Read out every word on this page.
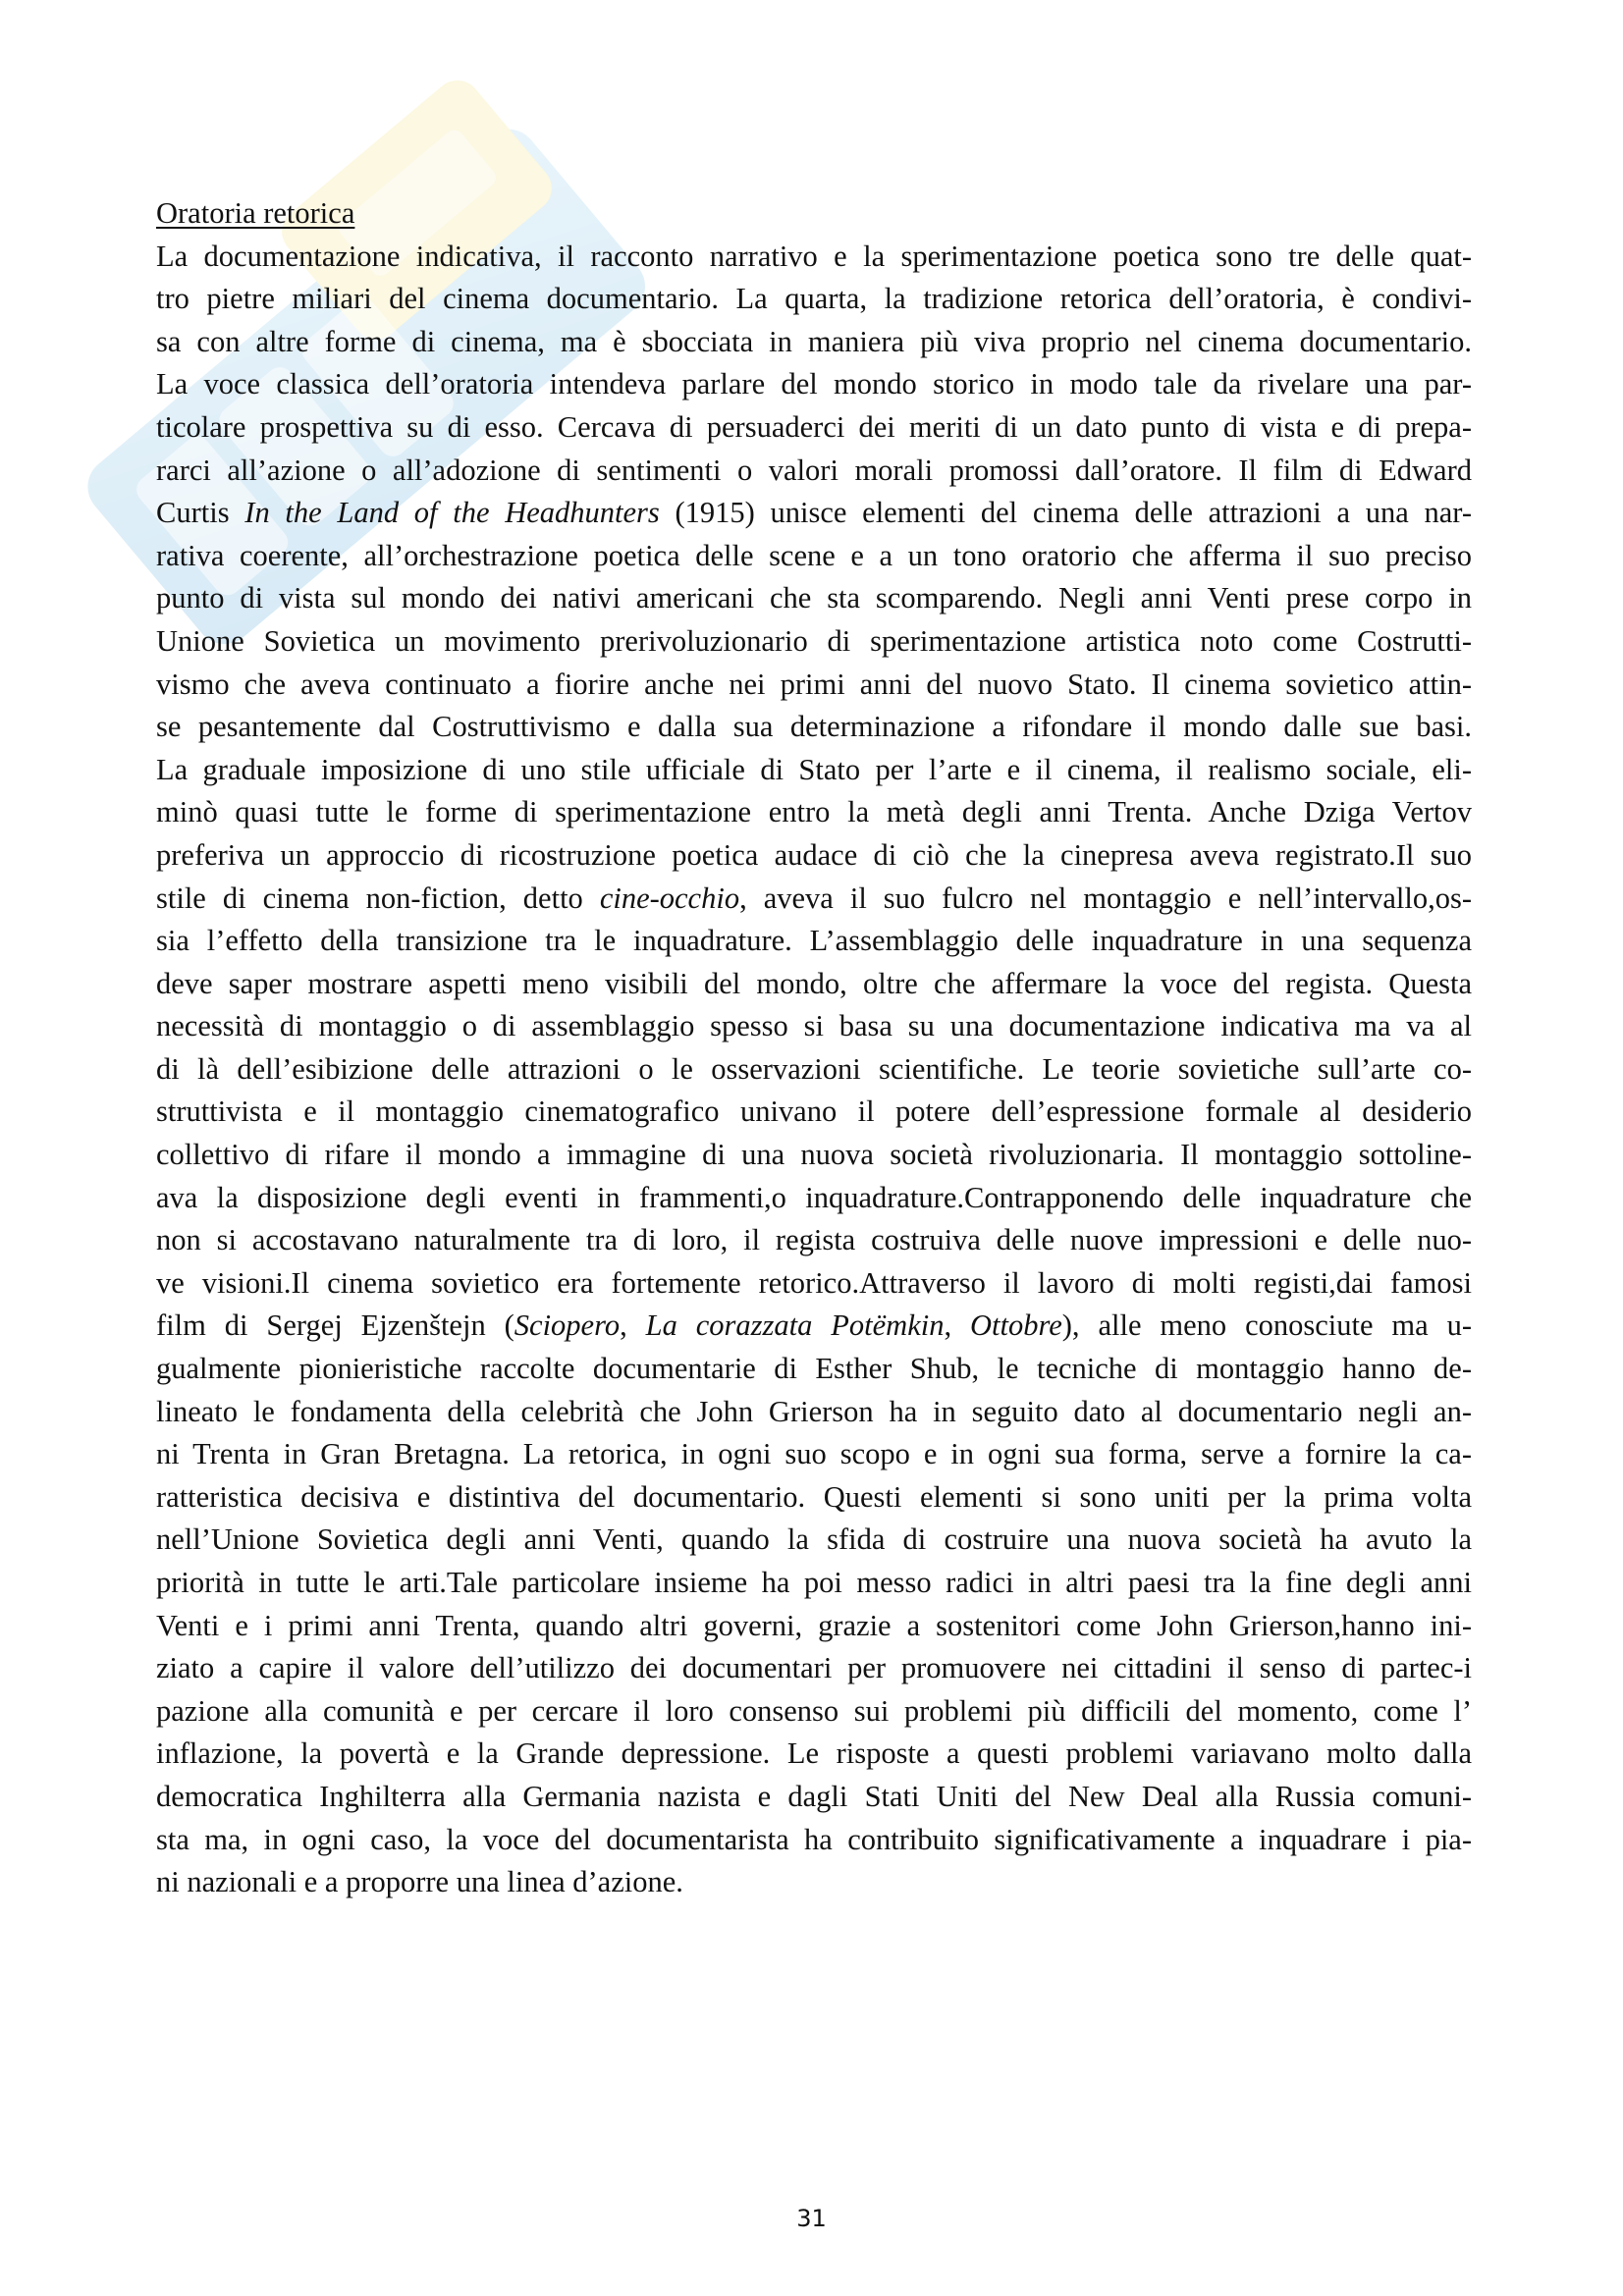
Oratoria retorica
La documentazione indicativa, il racconto narrativo e la sperimentazione poetica sono tre delle quat-
tro pietre miliari del cinema documentario. La quarta, la tradizione retorica dell’oratoria, è condivi-
sa con altre forme di cinema, ma è sbocciata in maniera più viva proprio nel cinema documentario.
La voce classica dell’oratoria intendeva parlare del mondo storico in modo tale da rivelare una par-
ticolare prospettiva su di esso. Cercava di persuaderci dei meriti di un dato punto di vista e di prepa-
rarci all’azione o all’adozione di sentimenti o valori morali promossi dall’oratore. Il film di Edward
Curtis In the Land of the Headhunters (1915) unisce elementi del cinema delle attrazioni a una nar-
rativa coerente, all’orchestrazione poetica delle scene e a un tono oratorio che afferma il suo preciso
punto di vista sul mondo dei nativi americani che sta scomparendo. Negli anni Venti prese corpo in
Unione Sovietica un movimento prerivoluzionario di sperimentazione artistica noto come Costrutti-
vismo che aveva continuato a fiorire anche nei primi anni del nuovo Stato. Il cinema sovietico attin-
se pesantemente dal Costruttivismo e dalla sua determinazione a rifondare il mondo dalle sue basi.
La graduale imposizione di uno stile ufficiale di Stato per l’arte e il cinema, il realismo sociale, eli-
minò quasi tutte le forme di sperimentazione entro la metà degli anni Trenta. Anche Dziga Vertov
preferiva un approccio di ricostruzione poetica audace di ciò che la cinepresa aveva registrato.Il suo
stile di cinema non-fiction, detto cine-occhio, aveva il suo fulcro nel montaggio e nell’intervallo,os-
sia l’effetto della transizione tra le inquadrature. L’assemblaggio delle inquadrature in una sequenza
deve saper mostrare aspetti meno visibili del mondo, oltre che affermare la voce del regista. Questa
necessità di montaggio o di assemblaggio spesso si basa su una documentazione indicativa ma va al
di là dell’esibizione delle attrazioni o le osservazioni scientifiche. Le teorie sovietiche sull’arte co-
struttivista e il montaggio cinematografico univano il potere dell’espressione formale al desiderio
collettivo di rifare il mondo a immagine di una nuova società rivoluzionaria. Il montaggio sottoline-
ava la disposizione degli eventi in frammenti,o inquadrature.Contrapponendo delle inquadrature che
non si accostavano naturalmente tra di loro, il regista costruiva delle nuove impressioni e delle nuo-
ve visioni.Il cinema sovietico era fortemente retorico.Attraverso il lavoro di molti registi,dai famosi
film di Sergej Ejzenštejn (Sciopero, La corazzata Potëmkin, Ottobre), alle meno conosciute ma u-
gualmente pionieristiche raccolte documentarie di Esther Shub, le tecniche di montaggio hanno de-
lineato le fondamenta della celebrità che John Grierson ha in seguito dato al documentario negli an-
ni Trenta in Gran Bretagna. La retorica, in ogni suo scopo e in ogni sua forma, serve a fornire la ca-
ratteristica decisiva e distintiva del documentario. Questi elementi si sono uniti per la prima volta
nell’Unione Sovietica degli anni Venti, quando la sfida di costruire una nuova società ha avuto la
priorità in tutte le arti.Tale particolare insieme ha poi messo radici in altri paesi tra la fine degli anni
Venti e i primi anni Trenta, quando altri governi, grazie a sostenitori come John Grierson,hanno ini-
ziato a capire il valore dell’utilizzo dei documentari per promuovere nei cittadini il senso di partec-i
pazione alla comunità e per cercare il loro consenso sui problemi più difficili del momento, come l’
inflazione, la povertà e la Grande depressione. Le risposte a questi problemi variavano molto dalla
democratica Inghilterra alla Germania nazista e dagli Stati Uniti del New Deal alla Russia comuni-
sta ma, in ogni caso, la voce del documentarista ha contribuito significativamente a inquadrare i pia-
ni nazionali e a proporre una linea d’azione.
31
